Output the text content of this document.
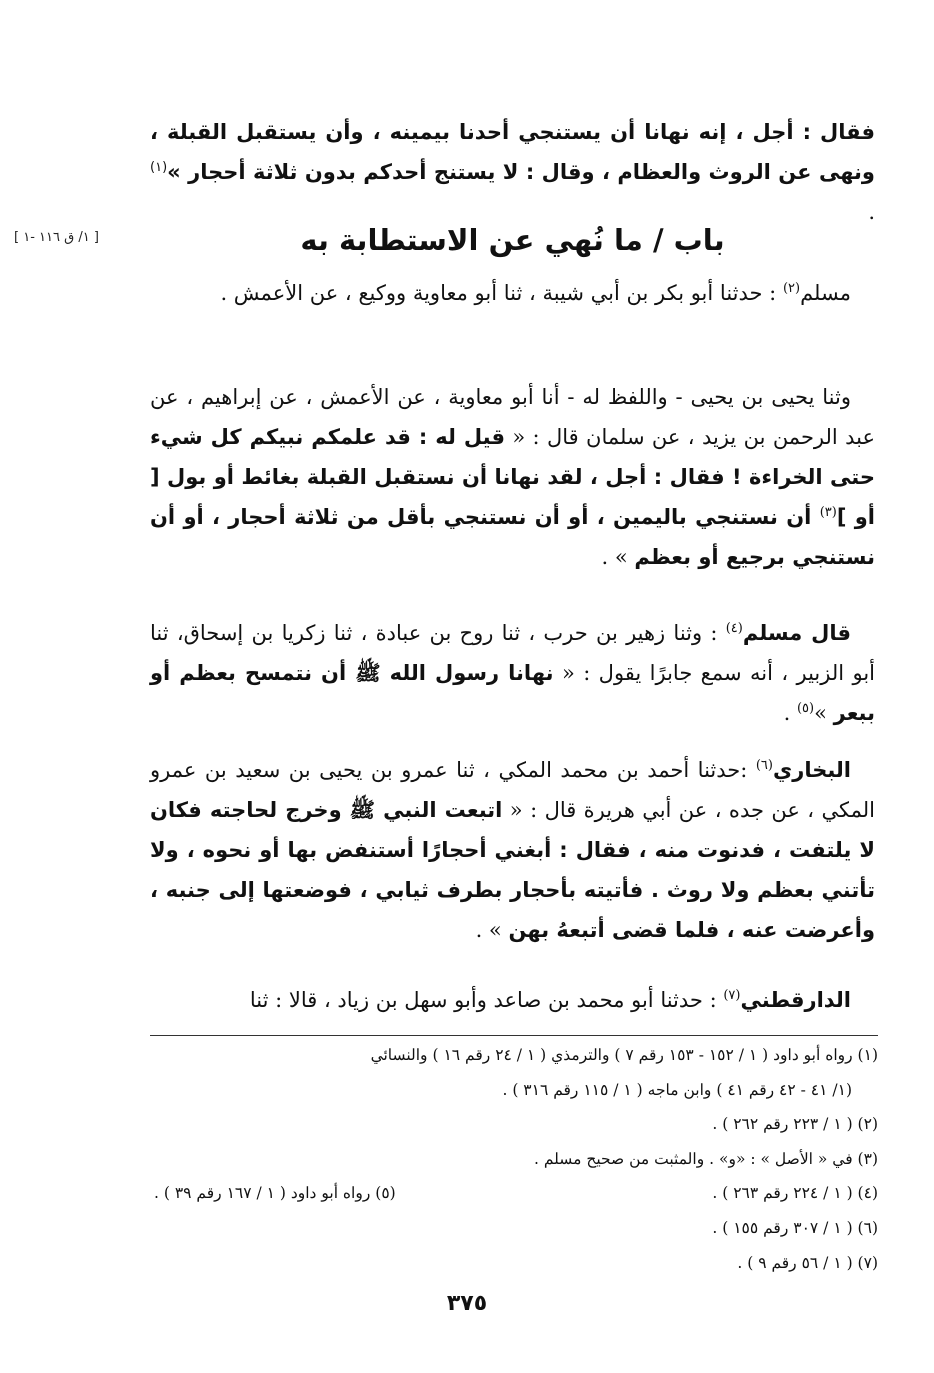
فقال : أجل ، إنه نهانا أن يستنجي أحدنا بيمينه ، وأن يستقبل القبلة ، ونهى عن الروث والعظام ، وقال : لا يستنج أحدكم بدون ثلاثة أحجار »$^{(١)}$ .

[ ١/ ق ١١٦ -١ ]	باب / ما نُهي عن الاستطابة به

مسلم$^{(٢)}$ : حدثنا أبو بكر بن أبي شيبة ، ثنا أبو معاوية ووكيع ، عن الأعمش .

وثنا يحيى بن يحيى - واللفظ له - أنا أبو معاوية ، عن الأعمش ، عن إبراهيم ، عن عبد الرحمن بن يزيد ، عن سلمان قال : « قيل له : قد علمكم نبيكم كل شيء حتى الخراءة ! فقال : أجل ، لقد نهانا أن نستقبل القبلة بغائط أو بول [ أو ]$^{(٣)}$ أن نستنجي باليمين ، أو أن نستنجي بأقل من ثلاثة أحجار ، أو أن نستنجي برجيع أو بعظم » .

قال مسلم$^{(٤)}$ : وثنا زهير بن حرب ، ثنا روح بن عبادة ، ثنا زكريا بن إسحاق، ثنا أبو الزبير ، أنه سمع جابرًا يقول : « نهانا رسول الله ﷺ أن نتمسح بعظم أو ببعر »$^{(٥)}$ .

البخاري$^{(٦)}$ :حدثنا أحمد بن محمد المكي ، ثنا عمرو بن يحيى بن سعيد بن عمرو المكي ، عن جده ، عن أبي هريرة قال : « اتبعت النبي ﷺ وخرج لحاجته فكان لا يلتفت ، فدنوت منه ، فقال : أبغني أحجارًا أستنفض بها أو نحوه ، ولا تأتني بعظم ولا روث . فأتيته بأحجار بطرف ثيابي ، فوضعتها إلى جنبه ، وأعرضت عنه ، فلما قضى أتبعهُ بهن » .

الدارقطني$^{(٧)}$ : حدثنا أبو محمد بن صاعد وأبو سهل بن زياد ، قالا : ثنا

(١) رواه أبو داود ( ١ / ١٥٢ - ١٥٣ رقم ٧ ) والترمذي ( ١ / ٢٤ رقم ١٦ ) والنسائي

(١/ ٤١ - ٤٢ رقم ٤١ ) وابن ماجه ( ١ / ١١٥ رقم ٣١٦ ) .

(٢) ( ١ / ٢٢٣ رقم ٢٦٢ ) .

(٣) في « الأصل » : «و» . والمثبت من صحيح مسلم .

(٤) ( ١ / ٢٢٤ رقم ٢٦٣ ) .
(٥) رواه أبو داود ( ١ / ١٦٧ رقم ٣٩ ) .

(٦) ( ١ / ٣٠٧ رقم ١٥٥ ) .

(٧) ( ١ / ٥٦ رقم ٩ ) .

٣٧٥
